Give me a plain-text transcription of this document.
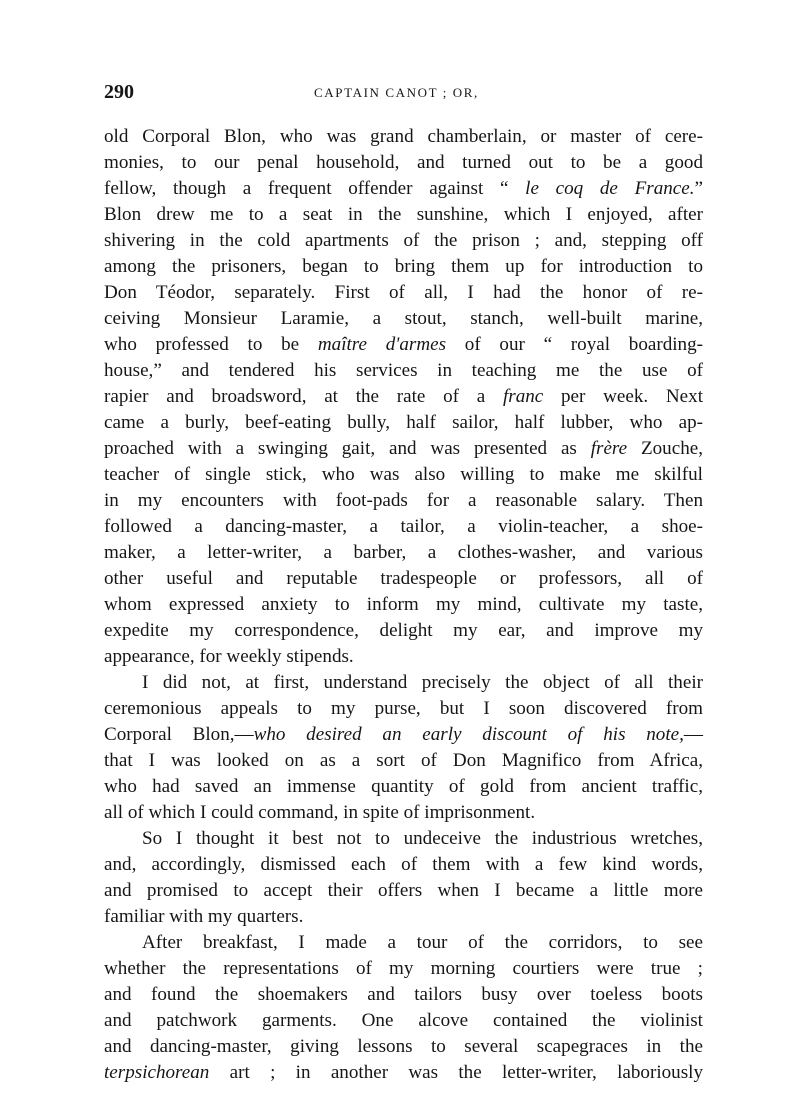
290	CAPTAIN CANOT ; OR,
old Corporal Blon, who was grand chamberlain, or master of cere-
monies, to our penal household, and turned out to be a good
fellow, though a frequent offender against “ le coq de France.”
Blon drew me to a seat in the sunshine, which I enjoyed, after
shivering in the cold apartments of the prison ; and, stepping off
among the prisoners, began to bring them up for introduction to
Don Téodor, separately. First of all, I had the honor of re-
ceiving Monsieur Laramie, a stout, stanch, well-built marine,
who professed to be maître d'armes of our “ royal boarding-
house,” and tendered his services in teaching me the use of
rapier and broadsword, at the rate of a franc per week. Next
came a burly, beef-eating bully, half sailor, half lubber, who ap-
proached with a swinging gait, and was presented as frère Zouche,
teacher of single stick, who was also willing to make me skilful
in my encounters with foot-pads for a reasonable salary. Then
followed a dancing-master, a tailor, a violin-teacher, a shoe-
maker, a letter-writer, a barber, a clothes-washer, and various
other useful and reputable tradespeople or professors, all of
whom expressed anxiety to inform my mind, cultivate my taste,
expedite my correspondence, delight my ear, and improve my
appearance, for weekly stipends.
I did not, at first, understand precisely the object of all their
ceremonious appeals to my purse, but I soon discovered from
Corporal Blon,—who desired an early discount of his note,—
that I was looked on as a sort of Don Magnifico from Africa,
who had saved an immense quantity of gold from ancient traffic,
all of which I could command, in spite of imprisonment.
So I thought it best not to undeceive the industrious wretches,
and, accordingly, dismissed each of them with a few kind words,
and promised to accept their offers when I became a little more
familiar with my quarters.
After breakfast, I made a tour of the corridors, to see
whether the representations of my morning courtiers were true ;
and found the shoemakers and tailors busy over toeless boots
and patchwork garments. One alcove contained the violinist
and dancing-master, giving lessons to several scapegraces in the
terpsichorean art ; in another was the letter-writer, laboriously
